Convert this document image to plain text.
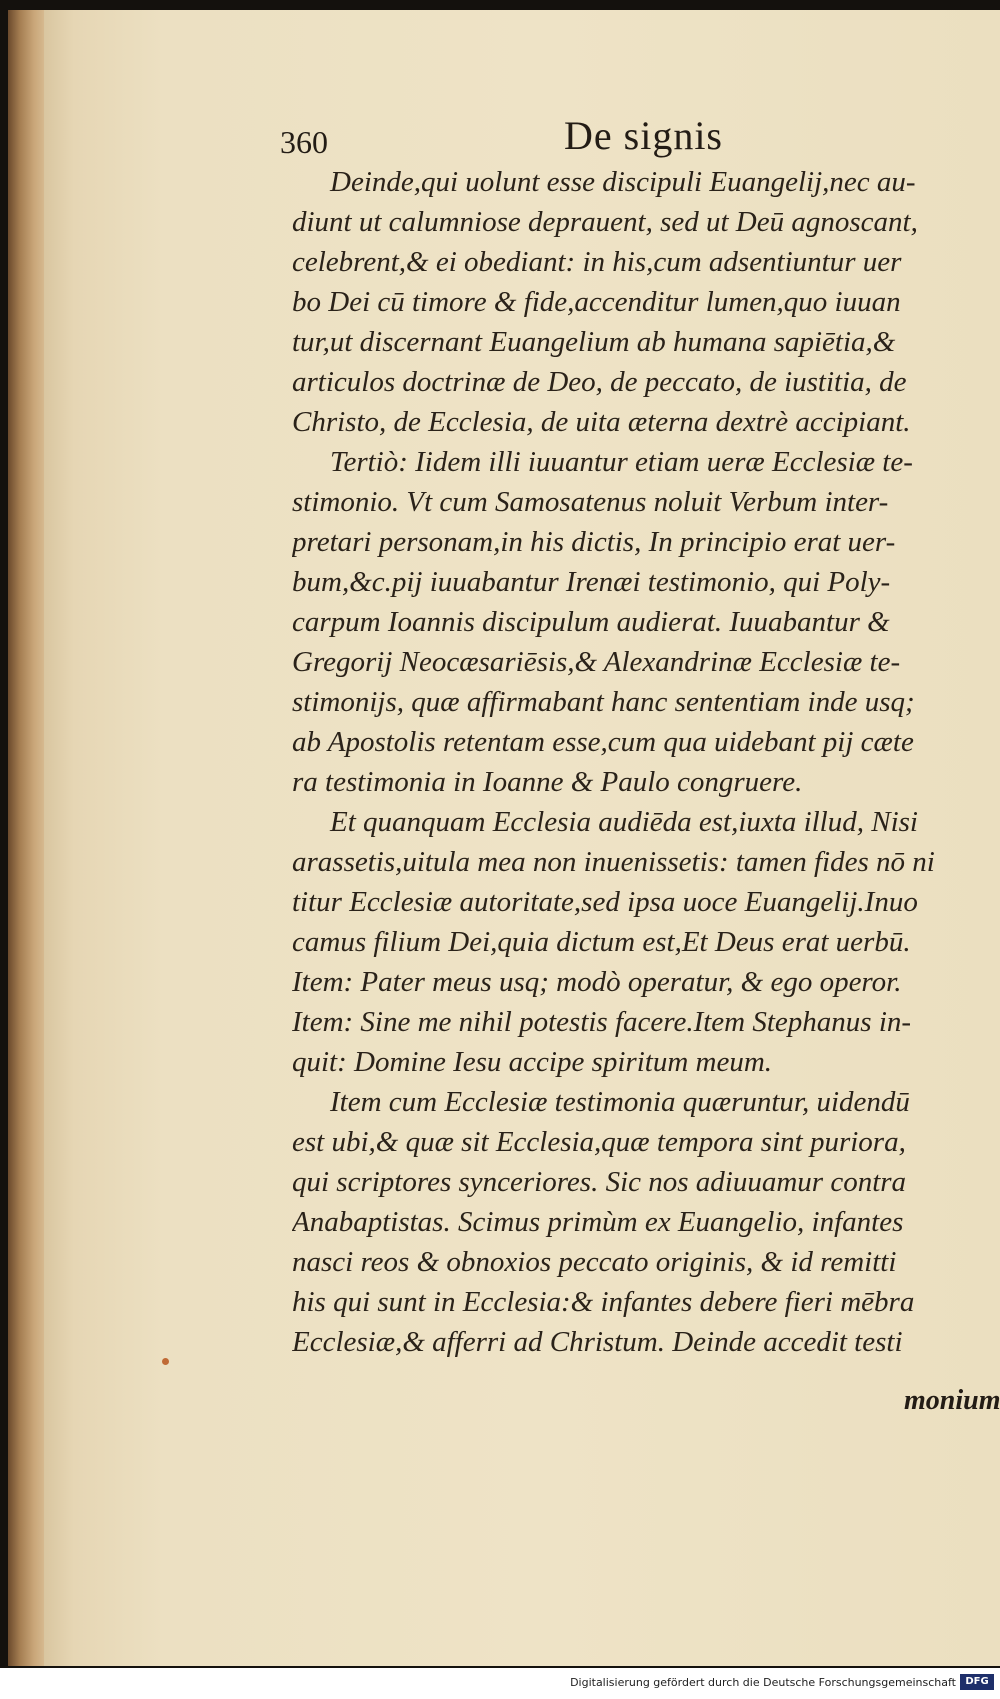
360	De signis
Deinde,qui uolunt esse discipuli Euangelij,nec au-
diunt ut calumniose deprauent, sed ut Deū agnoscant,
celebrent,& ei obediant: in his,cum adsentiuntur uer
bo Dei cū timore & fide,accenditur lumen,quo iuuan
tur,ut discernant Euangelium ab humana sapiētia,&
articulos doctrinæ de Deo, de peccato, de iustitia, de
Christo, de Ecclesia, de uita æterna dextrè accipiant.
Tertiò: Iidem illi iuuantur etiam ueræ Ecclesiæ te-
stimonio. Vt cum Samosatenus noluit Verbum inter-
pretari personam,in his dictis, In principio erat uer-
bum,&c.pij iuuabantur Irenæi testimonio, qui Poly-
carpum Ioannis discipulum audierat. Iuuabantur &
Gregorij Neocæsariēsis,& Alexandrinæ Ecclesiæ te-
stimonijs, quæ affirmabant hanc sententiam inde usq;
ab Apostolis retentam esse,cum qua uidebant pij cæte
ra testimonia in Ioanne & Paulo congruere.
Et quanquam Ecclesia audiēda est,iuxta illud, Nisi
arassetis,uitula mea non inuenissetis: tamen fides nō ni
titur Ecclesiæ autoritate,sed ipsa uoce Euangelij.Inuo
camus filium Dei,quia dictum est,Et Deus erat uerbū.
Item: Pater meus usq; modò operatur, & ego operor.
Item: Sine me nihil potestis facere.Item Stephanus in-
quit: Domine Iesu accipe spiritum meum.
Item cum Ecclesiæ testimonia quæruntur, uidendū
est ubi,& quæ sit Ecclesia,quæ tempora sint puriora,
qui scriptores synceriores. Sic nos adiuuamur contra
Anabaptistas. Scimus primùm ex Euangelio, infantes
nasci reos & obnoxios peccato originis, & id remitti
his qui sunt in Ecclesia:& infantes debere fieri mēbra
Ecclesiæ,& afferri ad Christum. Deinde accedit testi
monium
Digitalisierung gefördert durch die Deutsche Forschungsgemeinschaft DFG
